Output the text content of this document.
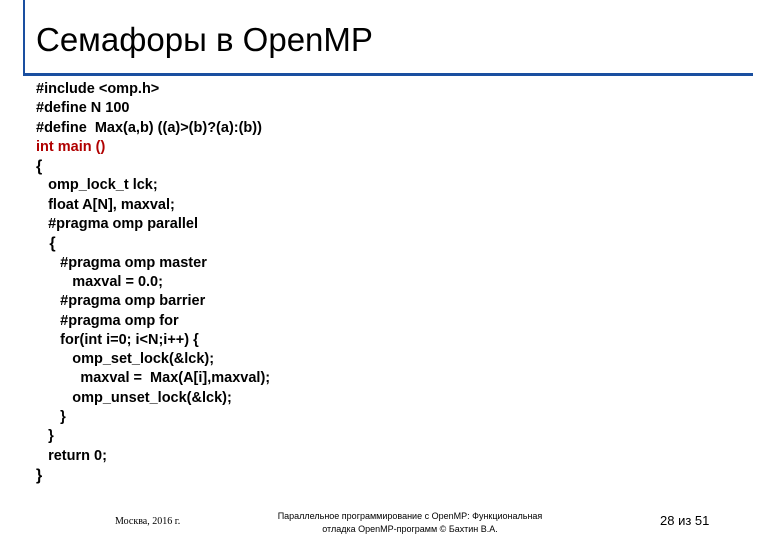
Семафоры в OpenMP
#include <omp.h>
#define N 100
#define  Max(a,b) ((a)>(b)?(a):(b))
int main ()
{
omp_lock_t lck;
float A[N], maxval;
#pragma omp parallel
{
#pragma omp master
maxval = 0.0;
#pragma omp barrier
#pragma omp for
for(int i=0; i<N;i++) {
omp_set_lock(&lck);
maxval =  Max(A[i],maxval);
omp_unset_lock(&lck);
}
}
return 0;
}
Москва, 2016 г.	Параллельное программирование с OpenMP: Функциональная
отладка OpenMP-программ © Бахтин В.А.
28 из 51
